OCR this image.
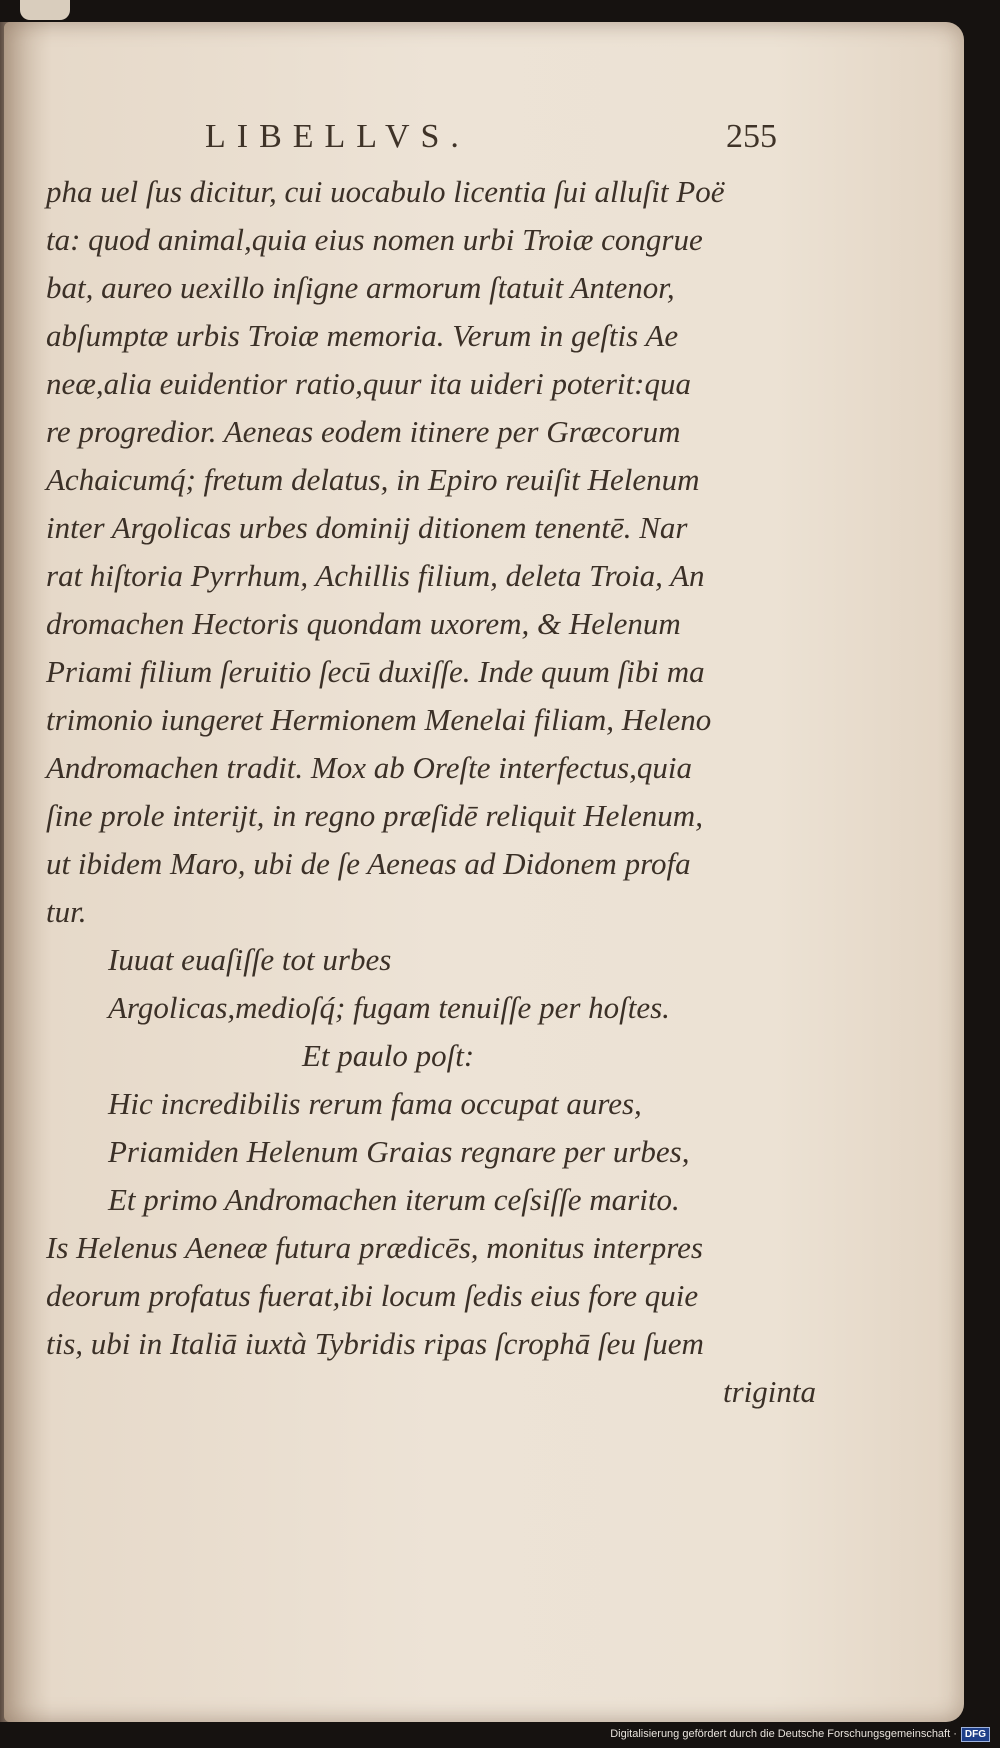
LIBELLVS.	255
pha uel ſus dicitur, cui uocabulo licentia ſui alluſit Poë
ta: quod animal,quia eius nomen urbi Troiæ congrue
bat, aureo uexillo inſigne armorum ſtatuit Antenor,
abſumptæ urbis Troiæ memoria. Verum in geſtis Ae
neæ,alia euidentior ratio,quur ita uideri poterit:qua
re progredior. Aeneas eodem itinere per Græcorum
Achaicumq́; fretum delatus, in Epiro reuiſit Helenum
inter Argolicas urbes dominij ditionem tenentē. Nar
rat hiſtoria Pyrrhum, Achillis filium, deleta Troia, An
dromachen Hectoris quondam uxorem, & Helenum
Priami filium ſeruitio ſecū duxiſſe. Inde quum ſibi ma
trimonio iungeret Hermionem Menelai filiam, Heleno
Andromachen tradit. Mox ab Oreſte interfectus,quia
ſine prole interijt, in regno præſidē reliquit Helenum,
ut ibidem Maro, ubi de ſe Aeneas ad Didonem profa
tur.
Iuuat euaſiſſe tot urbes
Argolicas,medioſq́; fugam tenuiſſe per hoſtes.
Et paulo poſt:
Hic incredibilis rerum fama occupat aures,
Priamiden Helenum Graias regnare per urbes,
Et primo Andromachen iterum ceſsiſſe marito.
Is Helenus Aeneæ futura prædicēs, monitus interpres
deorum profatus fuerat,ibi locum ſedis eius fore quie
tis, ubi in Italiā iuxtà Tybridis ripas ſcrophā ſeu ſuem
triginta
Digitalisierung gefördert durch die Deutsche Forschungsgemeinschaft · DFG
